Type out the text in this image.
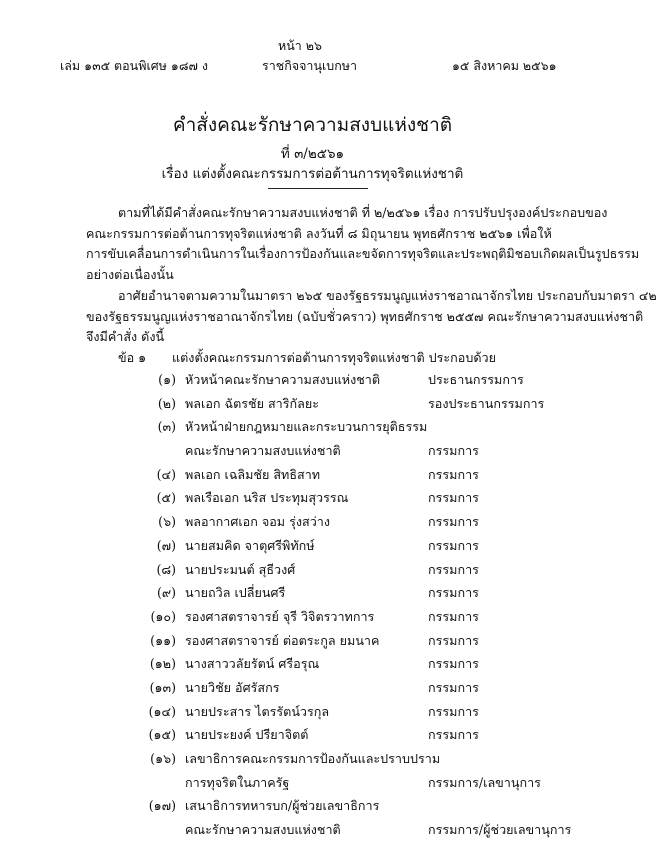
หน้า ๒๖
เล่ม ๑๓๕ ตอนพิเศษ ๑๘๗ ง	ราชกิจจานุเบกษา	๑๕ สิงหาคม ๒๕๖๑
คำสั่งคณะรักษาความสงบแห่งชาติ
ที่ ๓/๒๕๖๑
เรื่อง แต่งตั้งคณะกรรมการต่อต้านการทุจริตแห่งชาติ
ตามที่ได้มีคำสั่งคณะรักษาความสงบแห่งชาติ ที่ ๒/๒๕๖๑ เรื่อง การปรับปรุงองค์ประกอบของ
คณะกรรมการต่อต้านการทุจริตแห่งชาติ ลงวันที่ ๘ มิถุนายน พุทธศักราช ๒๕๖๑ เพื่อให้
การขับเคลื่อนการดำเนินการในเรื่องการป้องกันและขจัดการทุจริตและประพฤติมิชอบเกิดผลเป็นรูปธรรม
อย่างต่อเนื่องนั้น
อาศัยอำนาจตามความในมาตรา ๒๖๕ ของรัฐธรรมนูญแห่งราชอาณาจักรไทย ประกอบกับมาตรา ๔๒
ของรัฐธรรมนูญแห่งราชอาณาจักรไทย (ฉบับชั่วคราว) พุทธศักราช ๒๕๕๗ คณะรักษาความสงบแห่งชาติ
จึงมีคำสั่ง ดังนี้
ข้อ ๑ แต่งตั้งคณะกรรมการต่อต้านการทุจริตแห่งชาติ ประกอบด้วย
(๑) หัวหน้าคณะรักษาความสงบแห่งชาติ	ประธานกรรมการ
(๒) พลเอก ฉัตรชัย สาริกัลยะ	รองประธานกรรมการ
(๓) หัวหน้าฝ่ายกฎหมายและกระบวนการยุติธรรม
คณะรักษาความสงบแห่งชาติ	กรรมการ
(๔) พลเอก เฉลิมชัย สิทธิสาท	กรรมการ
(๕) พลเรือเอก นริส ประทุมสุวรรณ	กรรมการ
(๖) พลอากาศเอก จอม รุ่งสว่าง	กรรมการ
(๗) นายสมคิด จาตุศรีพิทักษ์	กรรมการ
(๘) นายประมนต์ สุธีวงศ์	กรรมการ
(๙) นายถวิล เปลี่ยนศรี	กรรมการ
(๑๐) รองศาสตราจารย์ จุรี วิจิตรวาทการ	กรรมการ
(๑๑) รองศาสตราจารย์ ต่อตระกูล ยมนาค	กรรมการ
(๑๒) นางสาววลัยรัตน์ ศรีอรุณ	กรรมการ
(๑๓) นายวิชัย อัศรัสกร	กรรมการ
(๑๔) นายประสาร ไตรรัตน์วรกุล	กรรมการ
(๑๕) นายประยงค์ ปรียาจิตต์	กรรมการ
(๑๖) เลขาธิการคณะกรรมการป้องกันและปราบปราม
การทุจริตในภาครัฐ	กรรมการ/เลขานุการ
(๑๗) เสนาธิการทหารบก/ผู้ช่วยเลขาธิการ
คณะรักษาความสงบแห่งชาติ	กรรมการ/ผู้ช่วยเลขานุการ
